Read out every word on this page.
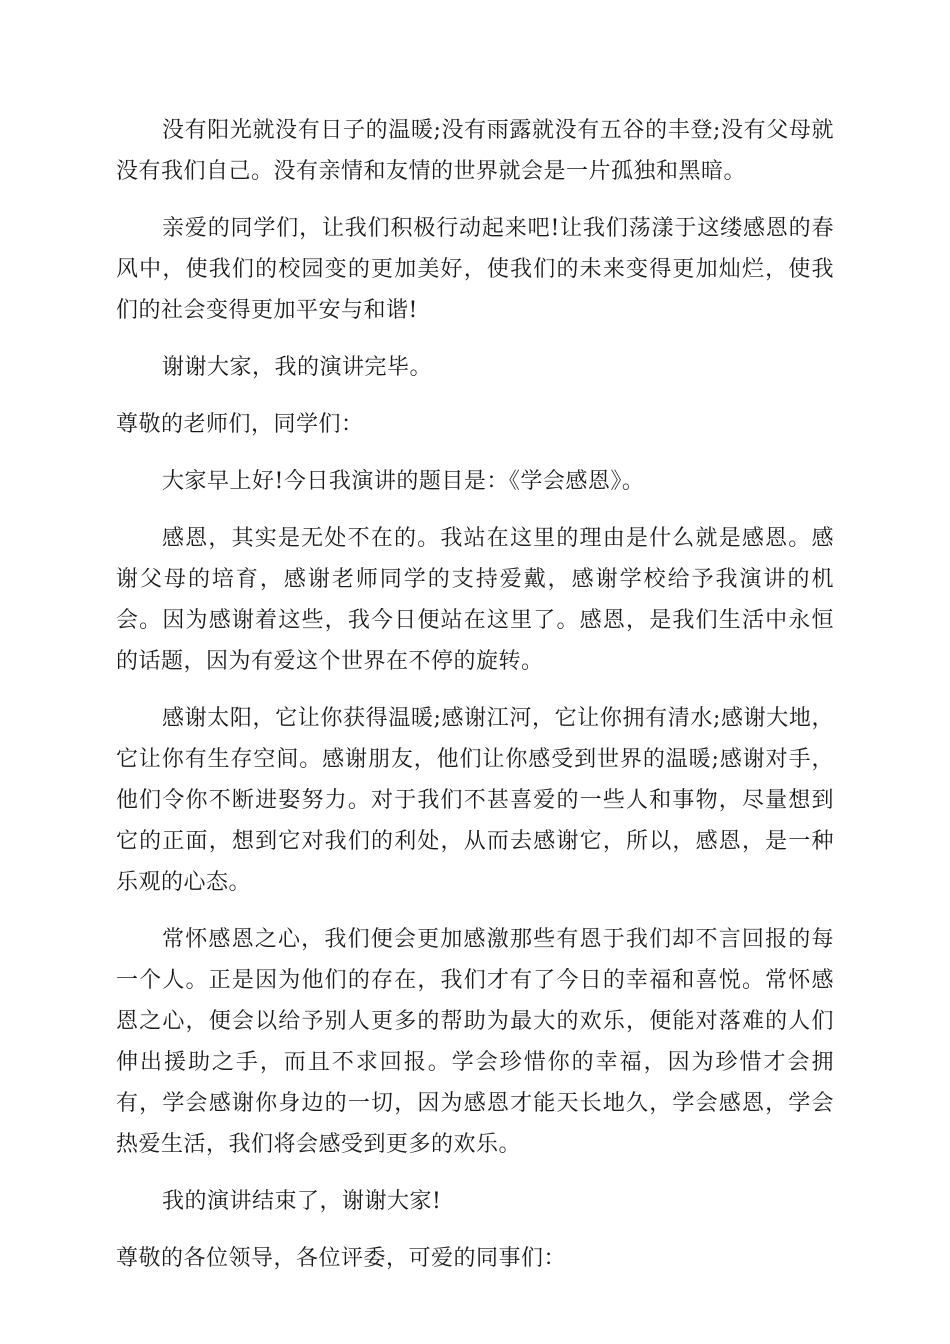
没有阳光就没有日子的温暖;没有雨露就没有五谷的丰登;没有父母就没有我们自己。没有亲情和友情的世界就会是一片孤独和黑暗。

亲爱的同学们，让我们积极行动起来吧!让我们荡漾于这缕感恩的春风中，使我们的校园变的更加美好，使我们的未来变得更加灿烂，使我们的社会变得更加平安与和谐!

谢谢大家，我的演讲完毕。

尊敬的老师们，同学们：

大家早上好!今日我演讲的题目是：《学会感恩》。

感恩，其实是无处不在的。我站在这里的理由是什么就是感恩。感谢父母的培育，感谢老师同学的支持爱戴，感谢学校给予我演讲的机会。因为感谢着这些，我今日便站在这里了。感恩，是我们生活中永恒的话题，因为有爱这个世界在不停的旋转。

感谢太阳，它让你获得温暖;感谢江河，它让你拥有清水;感谢大地，它让你有生存空间。感谢朋友，他们让你感受到世界的温暖;感谢对手，他们令你不断进娶努力。对于我们不甚喜爱的一些人和事物，尽量想到它的正面，想到它对我们的利处，从而去感谢它，所以，感恩，是一种乐观的心态。

常怀感恩之心，我们便会更加感激那些有恩于我们却不言回报的每一个人。正是因为他们的存在，我们才有了今日的幸福和喜悦。常怀感恩之心，便会以给予别人更多的帮助为最大的欢乐，便能对落难的人们伸出援助之手，而且不求回报。学会珍惜你的幸福，因为珍惜才会拥有，学会感谢你身边的一切，因为感恩才能天长地久，学会感恩，学会热爱生活，我们将会感受到更多的欢乐。

我的演讲结束了，谢谢大家!

尊敬的各位领导，各位评委，可爱的同事们：
